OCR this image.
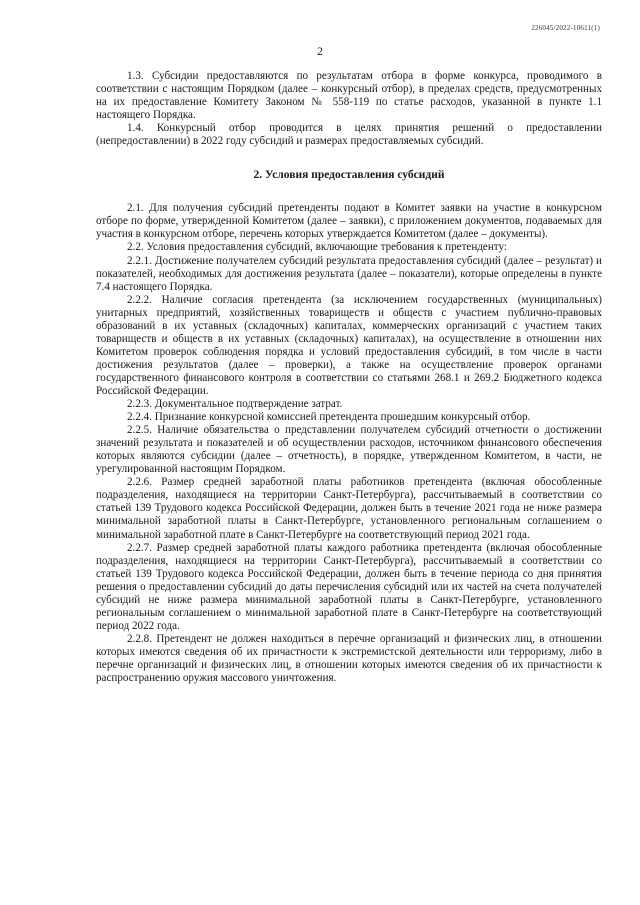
226045/2022-10611(1)
2

1.3. Субсидии предоставляются по результатам отбора в форме конкурса, проводимого в соответствии с настоящим Порядком (далее – конкурсный отбор), в пределах средств, предусмотренных на их предоставление Комитету Законом № 558-119 по статье расходов, указанной в пункте 1.1 настоящего Порядка.

1.4. Конкурсный отбор проводится в целях принятия решений о предоставлении (непредоставлении) в 2022 году субсидий и размерах предоставляемых субсидий.

2. Условия предоставления субсидий

2.1. Для получения субсидий претенденты подают в Комитет заявки на участие в конкурсном отборе по форме, утвержденной Комитетом (далее – заявки), с приложением документов, подаваемых для участия в конкурсном отборе, перечень которых утверждается Комитетом (далее – документы).

2.2. Условия предоставления субсидий, включающие требования к претенденту:

2.2.1. Достижение получателем субсидий результата предоставления субсидий (далее – результат) и показателей, необходимых для достижения результата (далее – показатели), которые определены в пункте 7.4 настоящего Порядка.

2.2.2. Наличие согласия претендента (за исключением государственных (муниципальных) унитарных предприятий, хозяйственных товариществ и обществ с участием публично-правовых образований в их уставных (складочных) капиталах, коммерческих организаций с участием таких товариществ и обществ в их уставных (складочных) капиталах), на осуществление в отношении них Комитетом проверок соблюдения порядка и условий предоставления субсидий, в том числе в части достижения результатов (далее – проверки), а также на осуществление проверок органами государственного финансового контроля в соответствии со статьями 268.1 и 269.2 Бюджетного кодекса Российской Федерации.

2.2.3. Документальное подтверждение затрат.

2.2.4. Признание конкурсной комиссией претендента прошедшим конкурсный отбор.

2.2.5. Наличие обязательства о представлении получателем субсидий отчетности о достижении значений результата и показателей и об осуществлении расходов, источником финансового обеспечения которых являются субсидии (далее – отчетность), в порядке, утвержденном Комитетом, в части, не урегулированной настоящим Порядком.

2.2.6. Размер средней заработной платы работников претендента (включая обособленные подразделения, находящиеся на территории Санкт-Петербурга), рассчитываемый в соответствии со статьей 139 Трудового кодекса Российской Федерации, должен быть в течение 2021 года не ниже размера минимальной заработной платы в Санкт-Петербурге, установленного региональным соглашением о минимальной заработной плате в Санкт-Петербурге на соответствующий период 2021 года.

2.2.7. Размер средней заработной платы каждого работника претендента (включая обособленные подразделения, находящиеся на территории Санкт-Петербурга), рассчитываемый в соответствии со статьей 139 Трудового кодекса Российской Федерации, должен быть в течение периода со дня принятия решения о предоставлении субсидий до даты перечисления субсидий или их частей на счета получателей субсидий не ниже размера минимальной заработной платы в Санкт-Петербурге, установленного региональным соглашением о минимальной заработной плате в Санкт-Петербурге на соответствующий период 2022 года.

2.2.8. Претендент не должен находиться в перечне организаций и физических лиц, в отношении которых имеются сведения об их причастности к экстремистской деятельности или терроризму, либо в перечне организаций и физических лиц, в отношении которых имеются сведения об их причастности к распространению оружия массового уничтожения.
